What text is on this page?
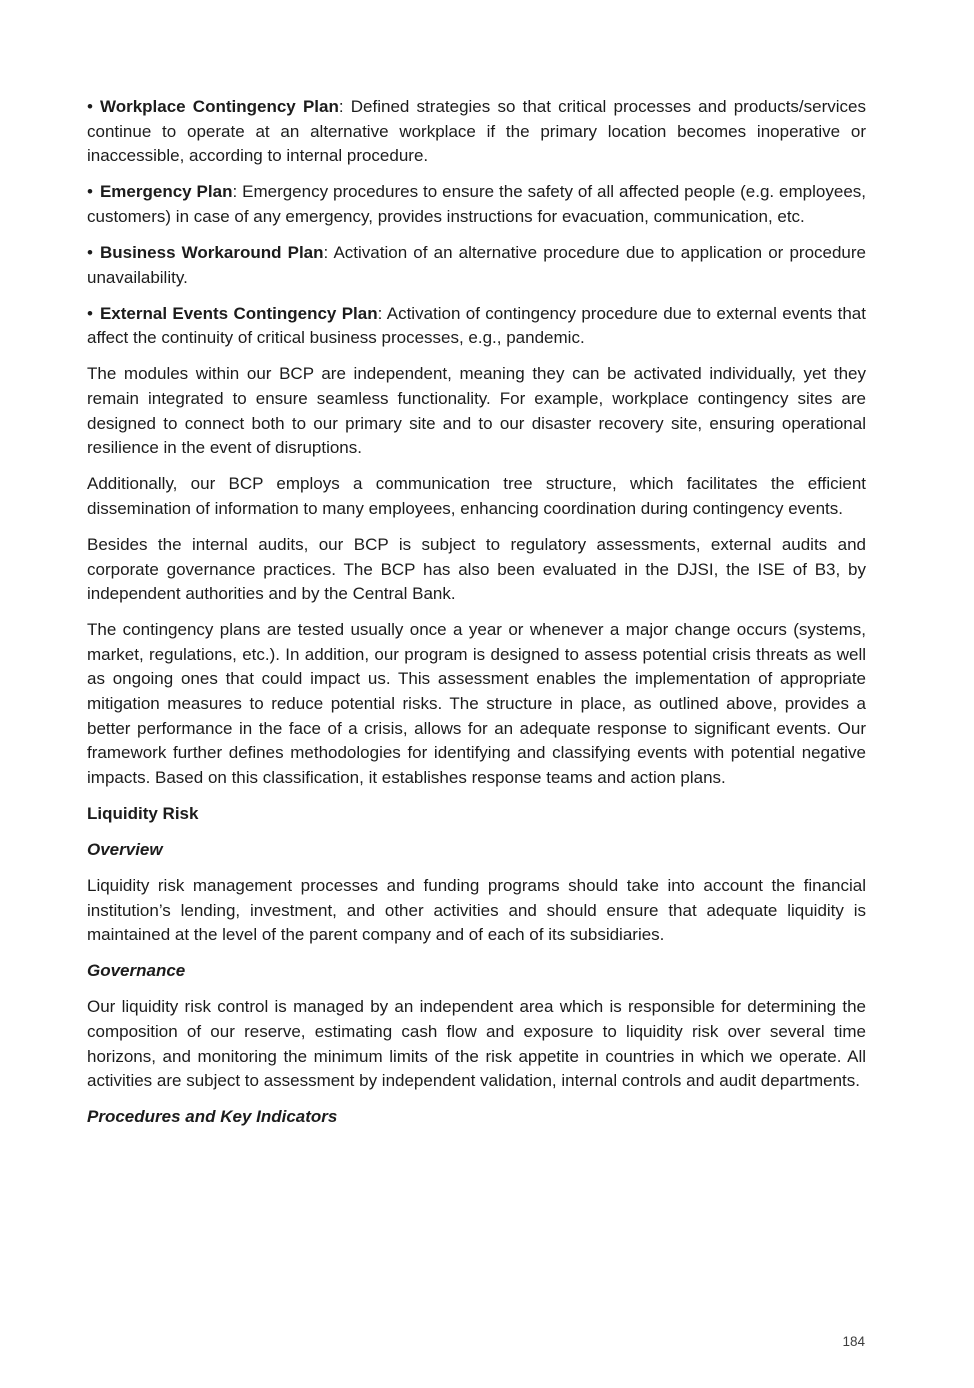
• Workplace Contingency Plan: Defined strategies so that critical processes and products/services continue to operate at an alternative workplace if the primary location becomes inoperative or inaccessible, according to internal procedure.

• Emergency Plan: Emergency procedures to ensure the safety of all affected people (e.g. employees, customers) in case of any emergency, provides instructions for evacuation, communication, etc.

• Business Workaround Plan: Activation of an alternative procedure due to application or procedure unavailability.

• External Events Contingency Plan: Activation of contingency procedure due to external events that affect the continuity of critical business processes, e.g., pandemic.

The modules within our BCP are independent, meaning they can be activated individually, yet they remain integrated to ensure seamless functionality. For example, workplace contingency sites are designed to connect both to our primary site and to our disaster recovery site, ensuring operational resilience in the event of disruptions.

Additionally, our BCP employs a communication tree structure, which facilitates the efficient dissemination of information to many employees, enhancing coordination during contingency events.

Besides the internal audits, our BCP is subject to regulatory assessments, external audits and corporate governance practices. The BCP has also been evaluated in the DJSI, the ISE of B3, by independent authorities and by the Central Bank.

The contingency plans are tested usually once a year or whenever a major change occurs (systems, market, regulations, etc.). In addition, our program is designed to assess potential crisis threats as well as ongoing ones that could impact us. This assessment enables the implementation of appropriate mitigation measures to reduce potential risks. The structure in place, as outlined above, provides a better performance in the face of a crisis, allows for an adequate response to significant events. Our framework further defines methodologies for identifying and classifying events with potential negative impacts. Based on this classification, it establishes response teams and action plans.

Liquidity Risk
Overview

Liquidity risk management processes and funding programs should take into account the financial institution’s lending, investment, and other activities and should ensure that adequate liquidity is maintained at the level of the parent company and of each of its subsidiaries.

Governance

Our liquidity risk control is managed by an independent area which is responsible for determining the composition of our reserve, estimating cash flow and exposure to liquidity risk over several time horizons, and monitoring the minimum limits of the risk appetite in countries in which we operate. All activities are subject to assessment by independent validation, internal controls and audit departments.

Procedures and Key Indicators
184
